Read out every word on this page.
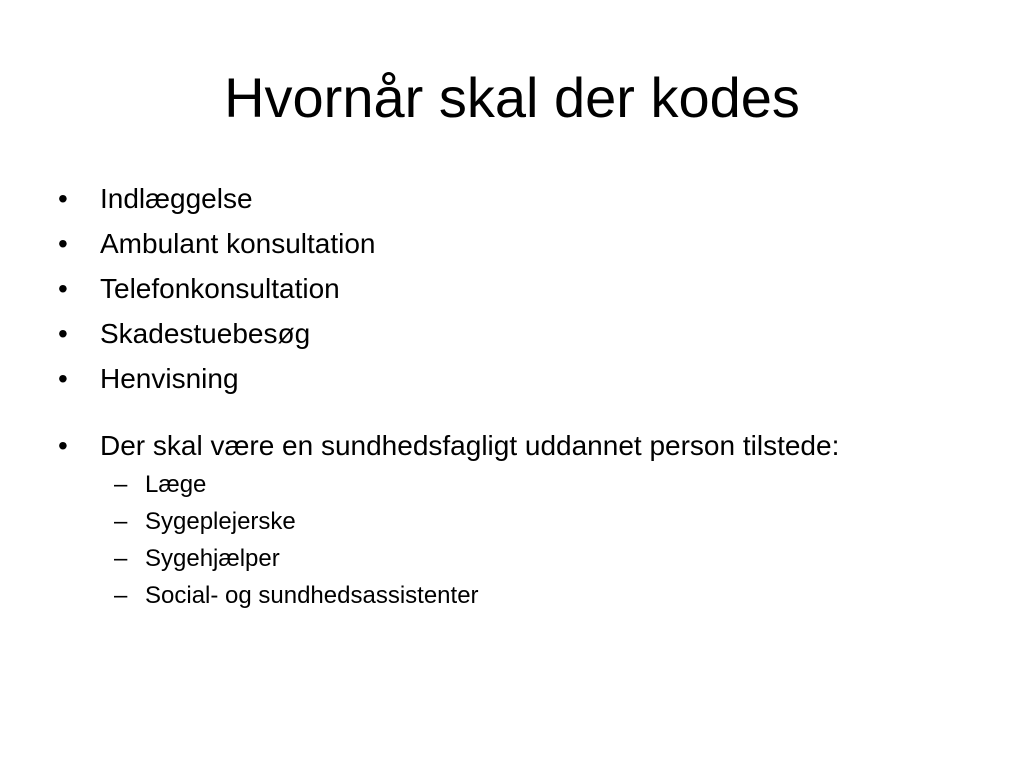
Hvornår skal der kodes
•	Indlæggelse
•	Ambulant konsultation
•	Telefonkonsultation
•	Skadestuebesøg
•	Henvisning
•	Der skal være en sundhedsfagligt uddannet person tilstede:
– Læge
– Sygeplejerske
– Sygehjælper
– Social- og sundhedsassistenter
